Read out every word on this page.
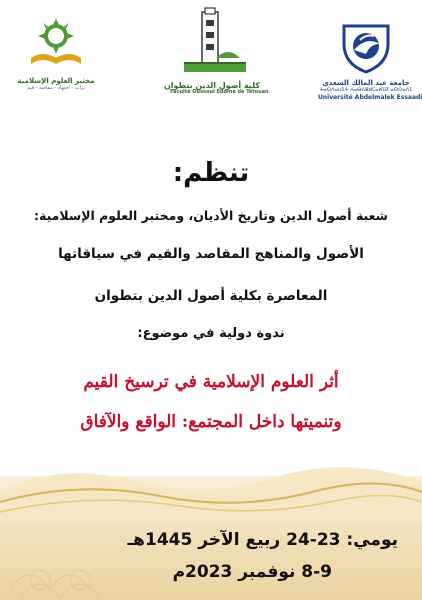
جامعة عبد المالك السعدي
ⵜⴰⵙⴷⴰⵡⵉⵜ ⵄⴰⴱⴷⴻⵍⵎⴰⵍⵉⴽ ⴰⵙⵙⴰⴷⵉ
Université Abdelmalek Essaadi
كلية أصول الدين بتطوان
Faculté Oussoul Eddine de Tétouan
مختبر العلوم الإسلامية
تراث - اجتهاد - مقاصد - قيم
تنظم:
شعبة أصول الدين وتاريخ الأديان، ومختبر العلوم الإسلامية:
الأصول والمناهج المقاصد والقيم في سياقاتها
المعاصرة بكلية أصول الدين بتطوان
ندوة دولية في موضوع:
أثر العلوم الإسلامية في ترسيخ القيم
وتنميتها داخل المجتمع: الواقع والآفاق
يومي: 23-24 ربيع الآخر 1445هـ
8-9 نوفمبر 2023م
